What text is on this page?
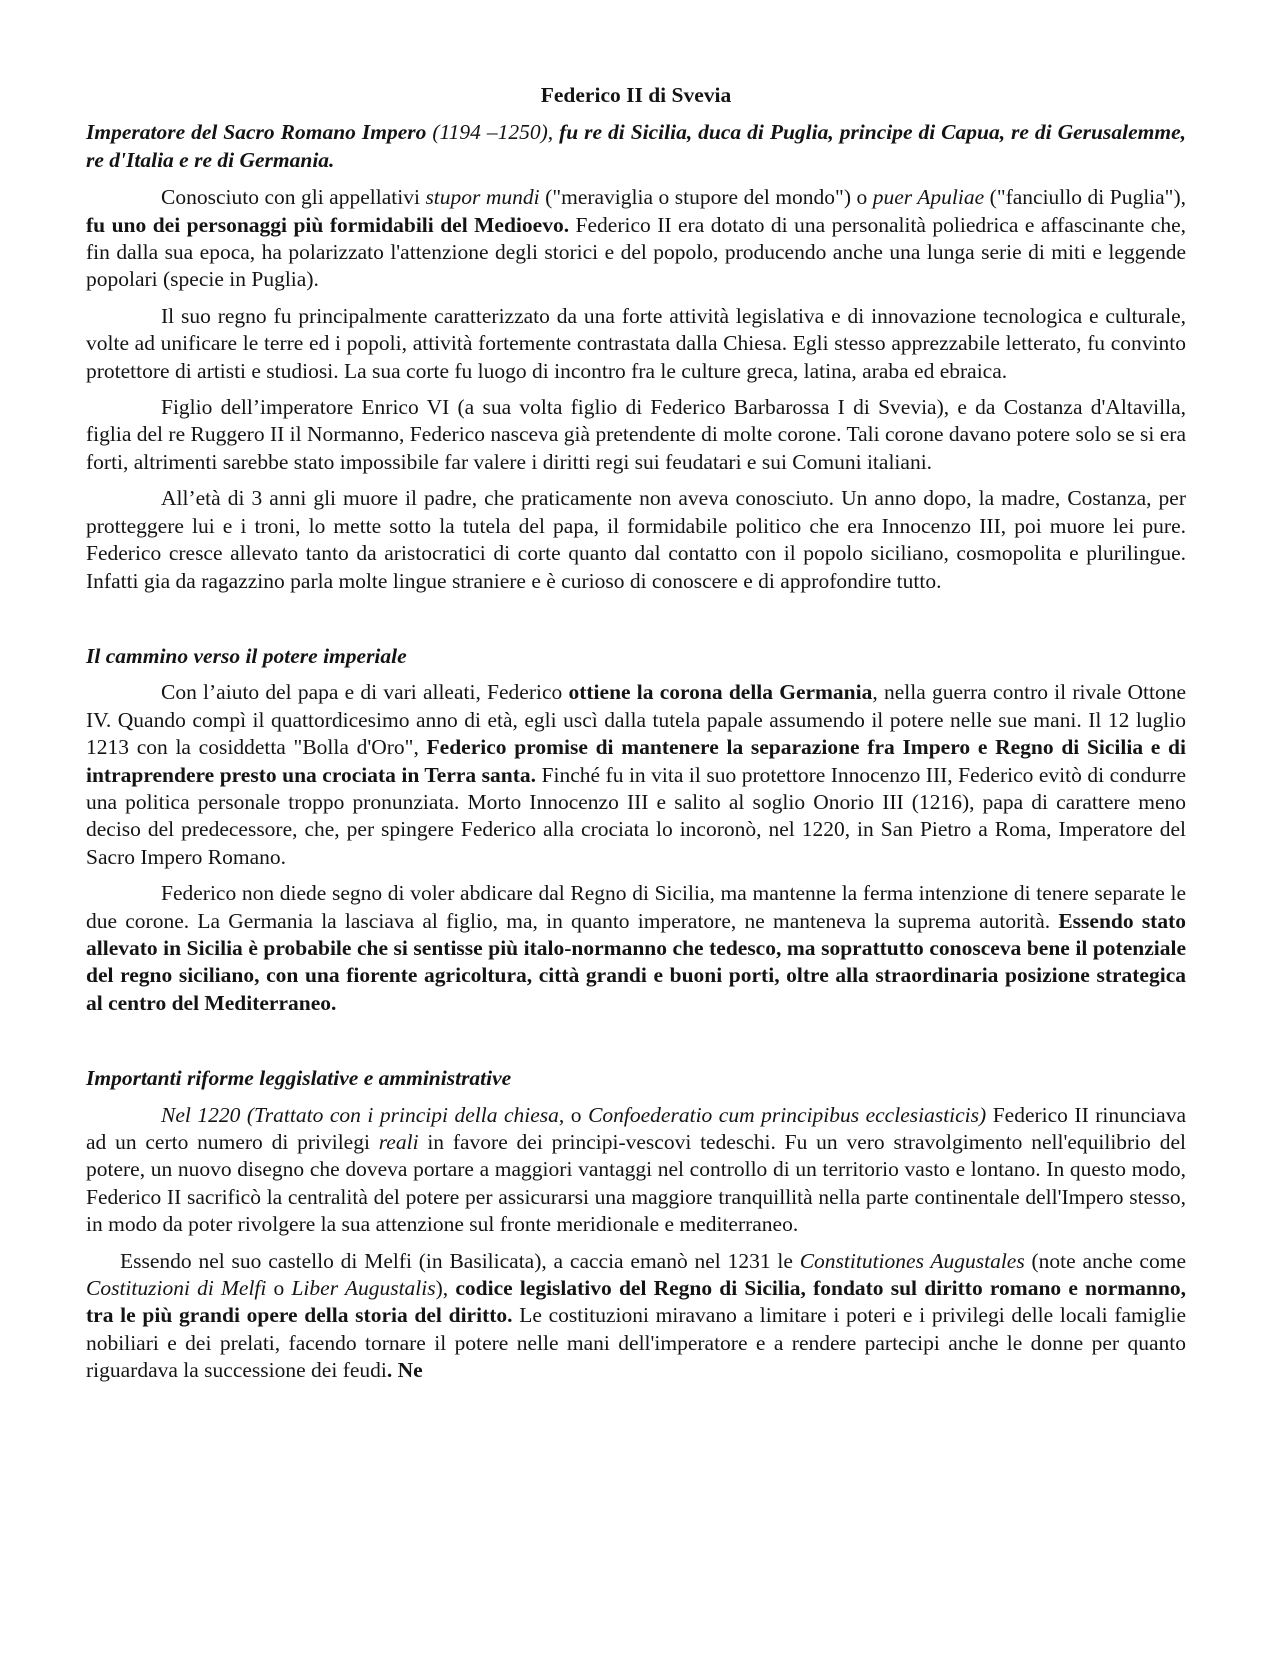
Federico II di Svevia

Imperatore del Sacro Romano Impero (1194 –1250), fu re di Sicilia, duca di Puglia, principe di Capua, re di Gerusalemme, re d'Italia e re di Germania.

Conosciuto con gli appellativi stupor mundi ("meraviglia o stupore del mondo") o puer Apuliae ("fanciullo di Puglia"), fu uno dei personaggi più formidabili del Medioevo. Federico II era dotato di una personalità poliedrica e affascinante che, fin dalla sua epoca, ha polarizzato l'attenzione degli storici e del popolo, producendo anche una lunga serie di miti e leggende popolari (specie in Puglia).

Il suo regno fu principalmente caratterizzato da una forte attività legislativa e di innovazione tecnologica e culturale, volte ad unificare le terre ed i popoli, attività fortemente contrastata dalla Chiesa. Egli stesso apprezzabile letterato, fu convinto protettore di artisti e studiosi. La sua corte fu luogo di incontro fra le culture greca, latina, araba ed ebraica.

Figlio dell’imperatore Enrico VI (a sua volta figlio di Federico Barbarossa I di Svevia), e da Costanza d'Altavilla, figlia del re Ruggero II il Normanno, Federico nasceva già pretendente di molte corone. Tali corone davano potere solo se si era forti, altrimenti sarebbe stato impossibile far valere i diritti regi sui feudatari e sui Comuni italiani.

All’età di 3 anni gli muore il padre, che praticamente non aveva conosciuto. Un anno dopo, la madre, Costanza, per protteggere lui e i troni, lo mette sotto la tutela del papa, il formidabile politico che era Innocenzo III, poi muore lei pure. Federico cresce allevato tanto da aristocratici di corte quanto dal contatto con il popolo siciliano, cosmopolita e plurilingue. Infatti gia da ragazzino parla molte lingue straniere e è curioso di conoscere e di approfondire tutto.

Il cammino verso il potere imperiale

Con l’aiuto del papa e di vari alleati, Federico ottiene la corona della Germania, nella guerra contro il rivale Ottone IV. Quando compì il quattordicesimo anno di età, egli uscì dalla tutela papale assumendo il potere nelle sue mani. Il 12 luglio 1213 con la cosiddetta "Bolla d'Oro", Federico promise di mantenere la separazione fra Impero e Regno di Sicilia e di intraprendere presto una crociata in Terra santa. Finché fu in vita il suo protettore Innocenzo III, Federico evitò di condurre una politica personale troppo pronunziata. Morto Innocenzo III e salito al soglio Onorio III (1216), papa di carattere meno deciso del predecessore, che, per spingere Federico alla crociata lo incoronò, nel 1220, in San Pietro a Roma, Imperatore del Sacro Impero Romano.

Federico non diede segno di voler abdicare dal Regno di Sicilia, ma mantenne la ferma intenzione di tenere separate le due corone. La Germania la lasciava al figlio, ma, in quanto imperatore, ne manteneva la suprema autorità. Essendo stato allevato in Sicilia è probabile che si sentisse più italo-normanno che tedesco, ma soprattutto conosceva bene il potenziale del regno siciliano, con una fiorente agricoltura, città grandi e buoni porti, oltre alla straordinaria posizione strategica al centro del Mediterraneo.

Importanti riforme leggislative e amministrative

Nel 1220 (Trattato con i principi della chiesa, o Confoederatio cum principibus ecclesiasticis) Federico II rinunciava ad un certo numero di privilegi reali in favore dei principi-vescovi tedeschi. Fu un vero stravolgimento nell'equilibrio del potere, un nuovo disegno che doveva portare a maggiori vantaggi nel controllo di un territorio vasto e lontano. In questo modo, Federico II sacrificò la centralità del potere per assicurarsi una maggiore tranquillità nella parte continentale dell'Impero stesso, in modo da poter rivolgere la sua attenzione sul fronte meridionale e mediterraneo.

Essendo nel suo castello di Melfi (in Basilicata), a caccia emanò nel 1231 le Constitutiones Augustales (note anche come Costituzioni di Melfi o Liber Augustalis), codice legislativo del Regno di Sicilia, fondato sul diritto romano e normanno, tra le più grandi opere della storia del diritto. Le costituzioni miravano a limitare i poteri e i privilegi delle locali famiglie nobiliari e dei prelati, facendo tornare il potere nelle mani dell'imperatore e a rendere partecipi anche le donne per quanto riguardava la successione dei feudi. Ne
